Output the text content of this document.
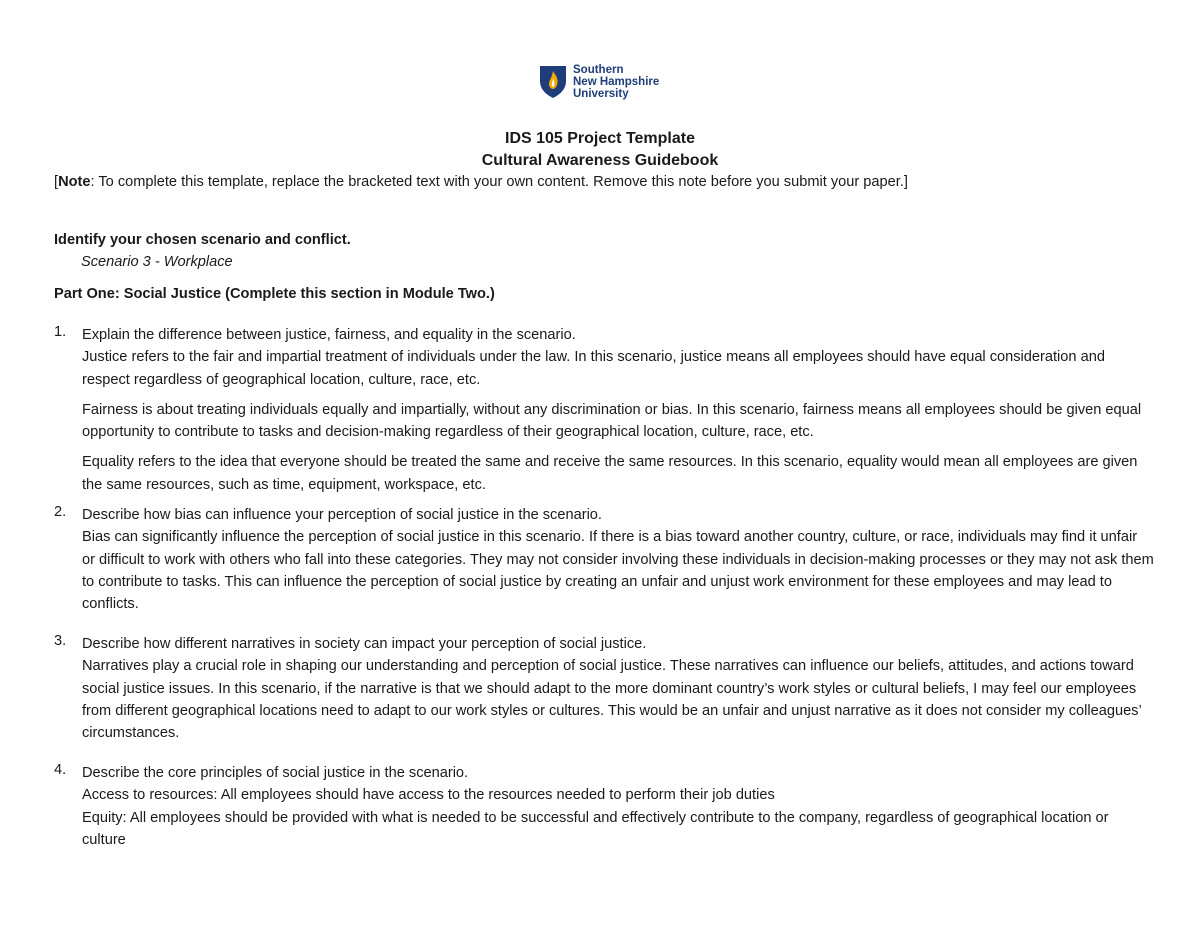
Southern
New Hampshire
University
IDS 105 Project Template
Cultural Awareness Guidebook
[Note: To complete this template, replace the bracketed text with your own content. Remove this note before you submit your paper.]
Identify your chosen scenario and conflict.
Scenario 3 - Workplace
Part One: Social Justice (Complete this section in Module Two.)
1. Explain the difference between justice, fairness, and equality in the scenario.

Justice refers to the fair and impartial treatment of individuals under the law. In this scenario, justice means all employees should have equal consideration and respect regardless of geographical location, culture, race, etc.

Fairness is about treating individuals equally and impartially, without any discrimination or bias. In this scenario, fairness means all employees should be given equal opportunity to contribute to tasks and decision-making regardless of their geographical location, culture, race, etc.

Equality refers to the idea that everyone should be treated the same and receive the same resources. In this scenario, equality would mean all employees are given the same resources, such as time, equipment, workspace, etc.

2. Describe how bias can influence your perception of social justice in the scenario.

Bias can significantly influence the perception of social justice in this scenario. If there is a bias toward another country, culture, or race, individuals may find it unfair or difficult to work with others who fall into these categories. They may not consider involving these individuals in decision-making processes or they may not ask them to contribute to tasks. This can influence the perception of social justice by creating an unfair and unjust work environment for these employees and may lead to conflicts.

3. Describe how different narratives in society can impact your perception of social justice.

Narratives play a crucial role in shaping our understanding and perception of social justice. These narratives can influence our beliefs, attitudes, and actions toward social justice issues. In this scenario, if the narrative is that we should adapt to the more dominant country’s work styles or cultural beliefs, I may feel our employees from different geographical locations need to adapt to our work styles or cultures. This would be an unfair and unjust narrative as it does not consider my colleagues’ circumstances.

4. Describe the core principles of social justice in the scenario.

Access to resources: All employees should have access to the resources needed to perform their job duties

Equity: All employees should be provided with what is needed to be successful and effectively contribute to the company, regardless of geographical location or culture
